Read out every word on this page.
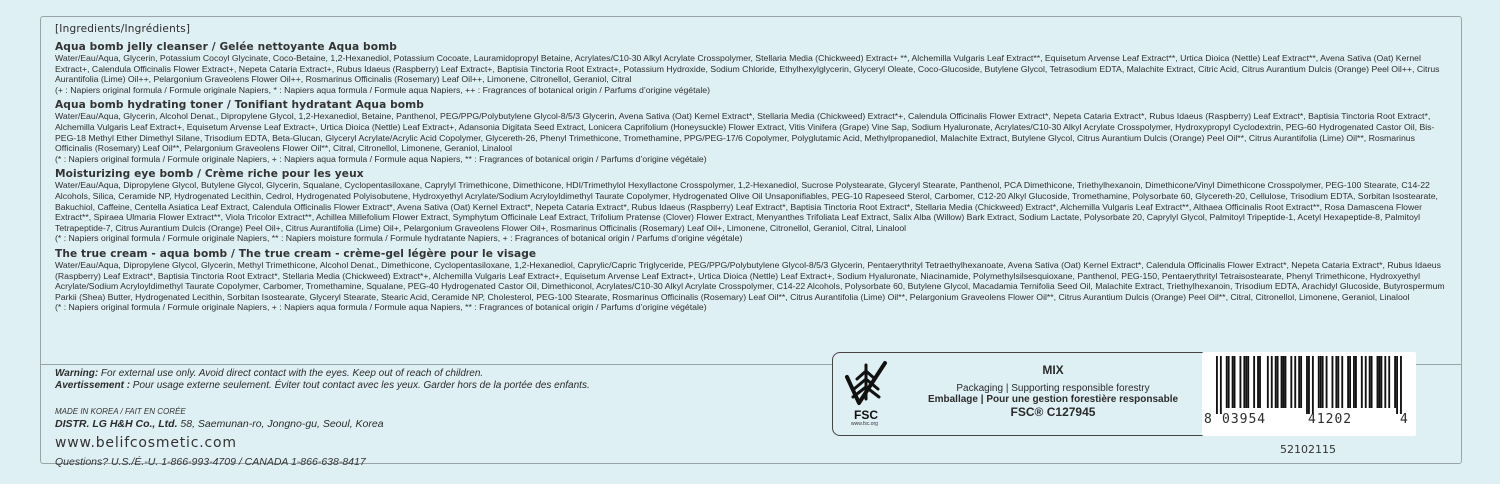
[Ingredients/Ingrédients]
Aqua bomb jelly cleanser / Gelée nettoyante Aqua bomb
Water/Eau/Aqua, Glycerin, Potassium Cocoyl Glycinate, Coco-Betaine, 1,2-Hexanediol, Potassium Cocoate, Lauramidopropyl Betaine, Acrylates/C10-30 Alkyl Acrylate Crosspolymer, Stellaria Media (Chickweed) Extract+ **, Alchemilla Vulgaris Leaf Extract**, Equisetum Arvense Leaf Extract**, Urtica Dioica (Nettle) Leaf Extract**, Avena Sativa (Oat) Kernel Extract+, Calendula Officinalis Flower Extract+, Nepeta Cataria Extract+, Rubus Idaeus (Raspberry) Leaf Extract+, Baptisia Tinctoria Root Extract+, Potassium Hydroxide, Sodium Chloride, Ethylhexylglycerin, Glyceryl Oleate, Coco-Glucoside, Butylene Glycol, Tetrasodium EDTA, Malachite Extract, Citric Acid, Citrus Aurantium Dulcis (Orange) Peel Oil++, Citrus Aurantifolia (Lime) Oil++, Pelargonium Graveolens Flower Oil++, Rosmarinus Officinalis (Rosemary) Leaf Oil++, Limonene, Citronellol, Geraniol, Citral
(+ : Napiers original formula / Formule originale Napiers, * : Napiers aqua formula / Formule aqua Napiers, ++ : Fragrances of botanical origin / Parfums d’origine végétale)
Aqua bomb hydrating toner / Tonifiant hydratant Aqua bomb
Water/Eau/Aqua, Glycerin, Alcohol Denat., Dipropylene Glycol, 1,2-Hexanediol, Betaine, Panthenol, PEG/PPG/Polybutylene Glycol-8/5/3 Glycerin, Avena Sativa (Oat) Kernel Extract*, Stellaria Media (Chickweed) Extract*+, Calendula Officinalis Flower Extract*, Nepeta Cataria Extract*, Rubus Idaeus (Raspberry) Leaf Extract*, Baptisia Tinctoria Root Extract*, Alchemilla Vulgaris Leaf Extract+, Equisetum Arvense Leaf Extract+, Urtica Dioica (Nettle) Leaf Extract+, Adansonia Digitata Seed Extract, Lonicera Caprifolium (Honeysuckle) Flower Extract, Vitis Vinifera (Grape) Vine Sap, Sodium Hyaluronate, Acrylates/C10-30 Alkyl Acrylate Crosspolymer, Hydroxypropyl Cyclodextrin, PEG-60 Hydrogenated Castor Oil, Bis-PEG-18 Methyl Ether Dimethyl Silane, Trisodium EDTA, Beta-Glucan, Glyceryl Acrylate/Acrylic Acid Copolymer, Glycereth-26, Phenyl Trimethicone, Tromethamine, PPG/PEG-17/6 Copolymer, Polyglutamic Acid, Methylpropanediol, Malachite Extract, Butylene Glycol, Citrus Aurantium Dulcis (Orange) Peel Oil**, Citrus Aurantifolia (Lime) Oil**, Rosmarinus Officinalis (Rosemary) Leaf Oil**, Pelargonium Graveolens Flower Oil**, Citral, Citronellol, Limonene, Geraniol, Linalool
(* : Napiers original formula / Formule originale Napiers, + : Napiers aqua formula / Formule aqua Napiers, ** : Fragrances of botanical origin / Parfums d’origine végétale)
Moisturizing eye bomb / Crème riche pour les yeux
Water/Eau/Aqua, Dipropylene Glycol, Butylene Glycol, Glycerin, Squalane, Cyclopentasiloxane, Caprylyl Trimethicone, Dimethicone, HDI/Trimethylol Hexyllactone Crosspolymer, 1,2-Hexanediol, Sucrose Polystearate, Glyceryl Stearate, Panthenol, PCA Dimethicone, Triethylhexanoin, Dimethicone/Vinyl Dimethicone Crosspolymer, PEG-100 Stearate, C14-22 Alcohols, Silica, Ceramide NP, Hydrogenated Lecithin, Cedrol, Hydrogenated Polyisobutene, Hydroxyethyl Acrylate/Sodium Acryloyldimethyl Taurate Copolymer, Hydrogenated Olive Oil Unsaponifiables, PEG-10 Rapeseed Sterol, Carbomer, C12-20 Alkyl Glucoside, Tromethamine, Polysorbate 60, Glycereth-20, Cellulose, Trisodium EDTA, Sorbitan Isostearate, Bakuchiol, Caffeine, Centella Asiatica Leaf Extract, Calendula Officinalis Flower Extract*, Avena Sativa (Oat) Kernel Extract*, Nepeta Cataria Extract*, Rubus Idaeus (Raspberry) Leaf Extract*, Baptisia Tinctoria Root Extract*, Stellaria Media (Chickweed) Extract*, Alchemilla Vulgaris Leaf Extract**, Althaea Officinalis Root Extract**, Rosa Damascena Flower Extract**, Spiraea Ulmaria Flower Extract**, Viola Tricolor Extract**, Achillea Millefolium Flower Extract, Symphytum Officinale Leaf Extract, Trifolium Pratense (Clover) Flower Extract, Menyanthes Trifoliata Leaf Extract, Salix Alba (Willow) Bark Extract, Sodium Lactate, Polysorbate 20, Caprylyl Glycol, Palmitoyl Tripeptide-1, Acetyl Hexapeptide-8, Palmitoyl Tetrapeptide-7, Citrus Aurantium Dulcis (Orange) Peel Oil+, Citrus Aurantifolia (Lime) Oil+, Pelargonium Graveolens Flower Oil+, Rosmarinus Officinalis (Rosemary) Leaf Oil+, Limonene, Citronellol, Geraniol, Citral, Linalool
(* : Napiers original formula / Formule originale Napiers, ** : Napiers moisture formula / Formule hydratante Napiers, + : Fragrances of botanical origin / Parfums d’origine végétale)
The true cream - aqua bomb / The true cream - crème-gel légère pour le visage
Water/Eau/Aqua, Dipropylene Glycol, Glycerin, Methyl Trimethicone, Alcohol Denat., Dimethicone, Cyclopentasiloxane, 1,2-Hexanediol, Caprylic/Capric Triglyceride, PEG/PPG/Polybutylene Glycol-8/5/3 Glycerin, Pentaerythrityl Tetraethylhexanoate, Avena Sativa (Oat) Kernel Extract*, Calendula Officinalis Flower Extract*, Nepeta Cataria Extract*, Rubus Idaeus (Raspberry) Leaf Extract*, Baptisia Tinctoria Root Extract*, Stellaria Media (Chickweed) Extract*+, Alchemilla Vulgaris Leaf Extract+, Equisetum Arvense Leaf Extract+, Urtica Dioica (Nettle) Leaf Extract+, Sodium Hyaluronate, Niacinamide, Polymethylsilsesquioxane, Panthenol, PEG-150, Pentaerythrityl Tetraisostearate, Phenyl Trimethicone, Hydroxyethyl Acrylate/Sodium Acryloyldimethyl Taurate Copolymer, Carbomer, Tromethamine, Squalane, PEG-40 Hydrogenated Castor Oil, Dimethiconol, Acrylates/C10-30 Alkyl Acrylate Crosspolymer, C14-22 Alcohols, Polysorbate 60, Butylene Glycol, Macadamia Ternifolia Seed Oil, Malachite Extract, Triethylhexanoin, Trisodium EDTA, Arachidyl Glucoside, Butyrospermum Parkii (Shea) Butter, Hydrogenated Lecithin, Sorbitan Isostearate, Glyceryl Stearate, Stearic Acid, Ceramide NP, Cholesterol, PEG-100 Stearate, Rosmarinus Officinalis (Rosemary) Leaf Oil**, Citrus Aurantifolia (Lime) Oil**, Pelargonium Graveolens Flower Oil**, Citrus Aurantium Dulcis (Orange) Peel Oil**, Citral, Citronellol, Limonene, Geraniol, Linalool
(* : Napiers original formula / Formule originale Napiers, + : Napiers aqua formula / Formule aqua Napiers, ** : Fragrances of botanical origin / Parfums d’origine végétale)
Warning: For external use only. Avoid direct contact with the eyes. Keep out of reach of children.
Avertissement : Pour usage externe seulement. Éviter tout contact avec les yeux. Garder hors de la portée des enfants.
MADE IN KOREA / FAIT EN CORÉE
DISTR. LG H&H Co., Ltd. 58, Saemunan-ro, Jongno-gu, Seoul, Korea
www.belifcosmetic.com
Questions? U.S./É.-U. 1-866-993-4709 / CANADA 1-866-638-8417
FSC
www.fsc.org
MIX
Packaging | Supporting responsible forestry
Emballage | Pour une gestion forestière responsable
FSC® C127945	8 03954	41202	4
52102115
